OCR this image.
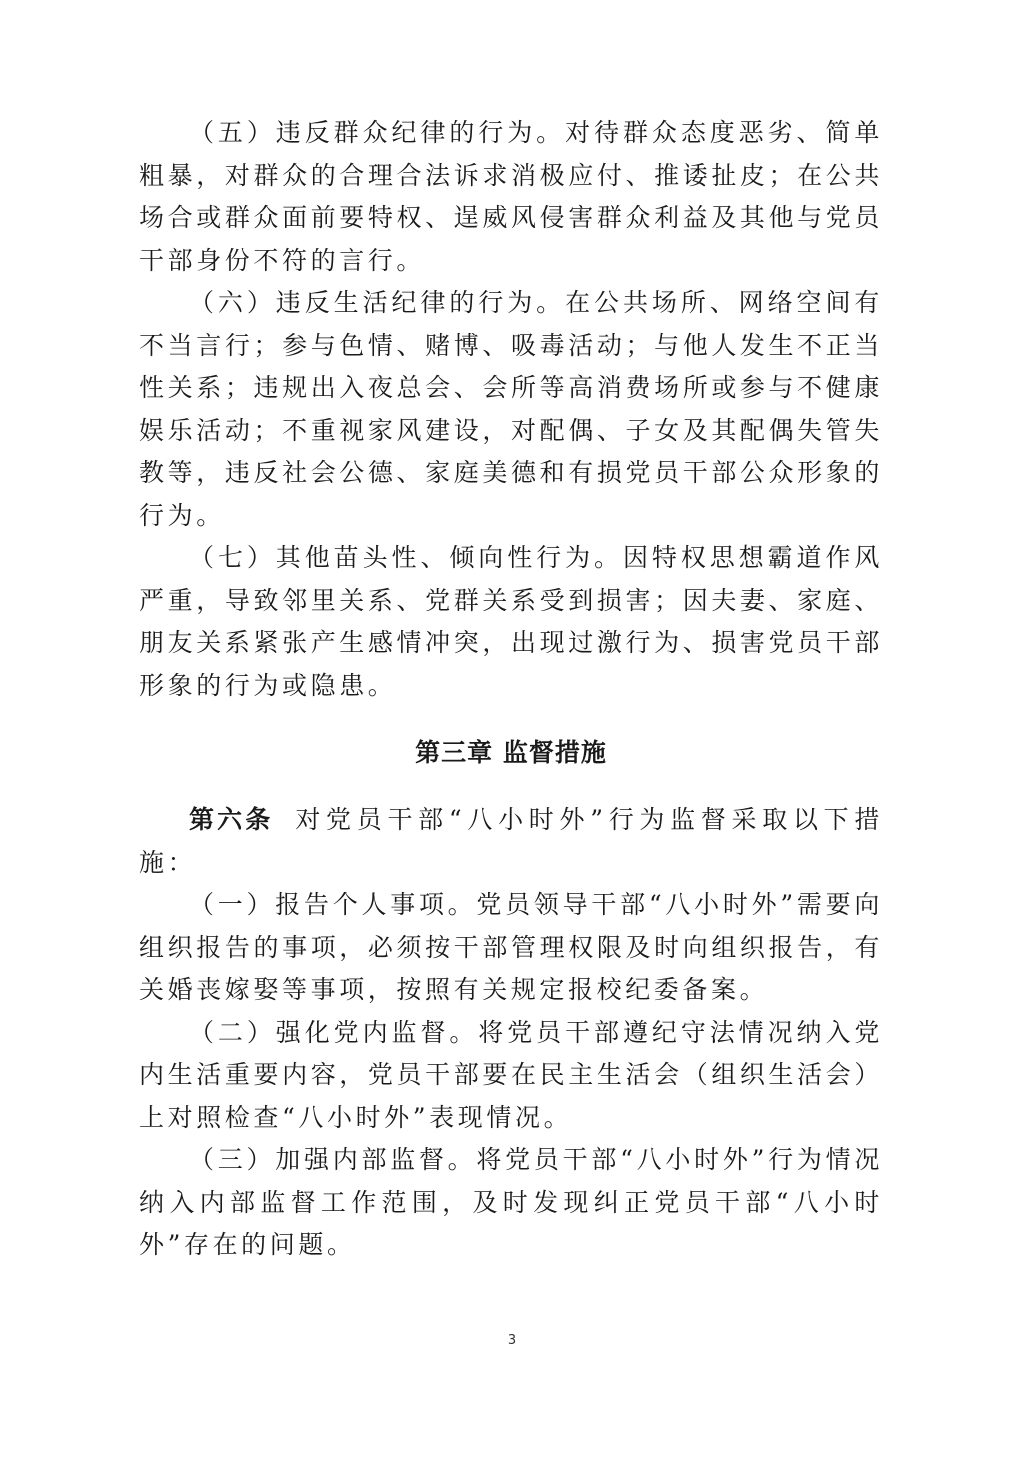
（五）违反群众纪律的行为。对待群众态度恶劣、简单粗暴，对群众的合理合法诉求消极应付、推诿扯皮；在公共场合或群众面前要特权、逞威风侵害群众利益及其他与党员干部身份不符的言行。

（六）违反生活纪律的行为。在公共场所、网络空间有不当言行；参与色情、赌博、吸毒活动；与他人发生不正当性关系；违规出入夜总会、会所等高消费场所或参与不健康娱乐活动；不重视家风建设，对配偶、子女及其配偶失管失教等，违反社会公德、家庭美德和有损党员干部公众形象的行为。

（七）其他苗头性、倾向性行为。因特权思想霸道作风严重，导致邻里关系、党群关系受到损害；因夫妻、家庭、朋友关系紧张产生感情冲突，出现过激行为、损害党员干部形象的行为或隐患。

第三章 监督措施

第六条 对党员干部“八小时外”行为监督采取以下措施：

（一）报告个人事项。党员领导干部“八小时外”需要向组织报告的事项，必须按干部管理权限及时向组织报告，有关婚丧嫁娶等事项，按照有关规定报校纪委备案。

（二）强化党内监督。将党员干部遵纪守法情况纳入党内生活重要内容，党员干部要在民主生活会（组织生活会）上对照检查“八小时外”表现情况。

（三）加强内部监督。将党员干部“八小时外”行为情况纳入内部监督工作范围，及时发现纠正党员干部“八小时外”存在的问题。

3
